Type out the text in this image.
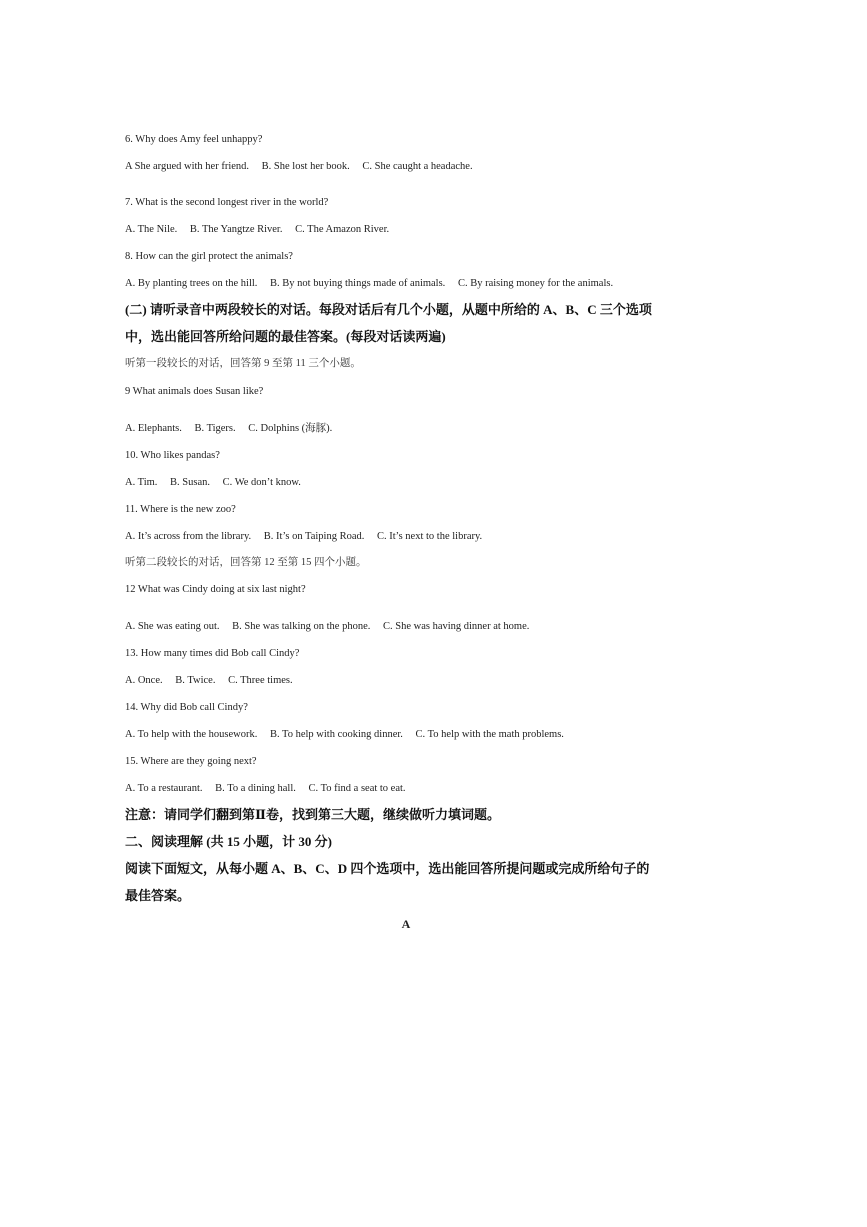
6. Why does Amy feel unhappy?
A She argued with her friend. B. She lost her book. C. She caught a headache.
7. What is the second longest river in the world?
A. The Nile. B. The Yangtze River. C. The Amazon River.
8. How can the girl protect the animals?
A. By planting trees on the hill. B. By not buying things made of animals. C. By raising money for the animals.
(二) 请听录音中两段较长的对话。每段对话后有几个小题，从题中所给的 A、B、C 三个选项
中，选出能回答所给问题的最佳答案。(每段对话读两遍)
听第一段较长的对话，回答第 9 至第 11 三个小题。
9 What animals does Susan like?
A. Elephants. B. Tigers. C. Dolphins (海豚).
10. Who likes pandas?
A. Tim. B. Susan. C. We don’t know.
11. Where is the new zoo?
A. It’s across from the library. B. It’s on Taiping Road. C. It’s next to the library.
听第二段较长的对话，回答第 12 至第 15 四个小题。
12 What was Cindy doing at six last night?
A. She was eating out. B. She was talking on the phone. C. She was having dinner at home.
13. How many times did Bob call Cindy?
A. Once. B. Twice. C. Three times.
14. Why did Bob call Cindy?
A. To help with the housework. B. To help with cooking dinner. C. To help with the math problems.
15. Where are they going next?
A. To a restaurant. B. To a dining hall. C. To find a seat to eat.
注意：请同学们翻到第Ⅱ卷，找到第三大题，继续做听力填词题。
二、阅读理解 (共 15 小题，计 30 分)
阅读下面短文，从每小题 A、B、C、D 四个选项中，选出能回答所提问题或完成所给句子的
最佳答案。
A
